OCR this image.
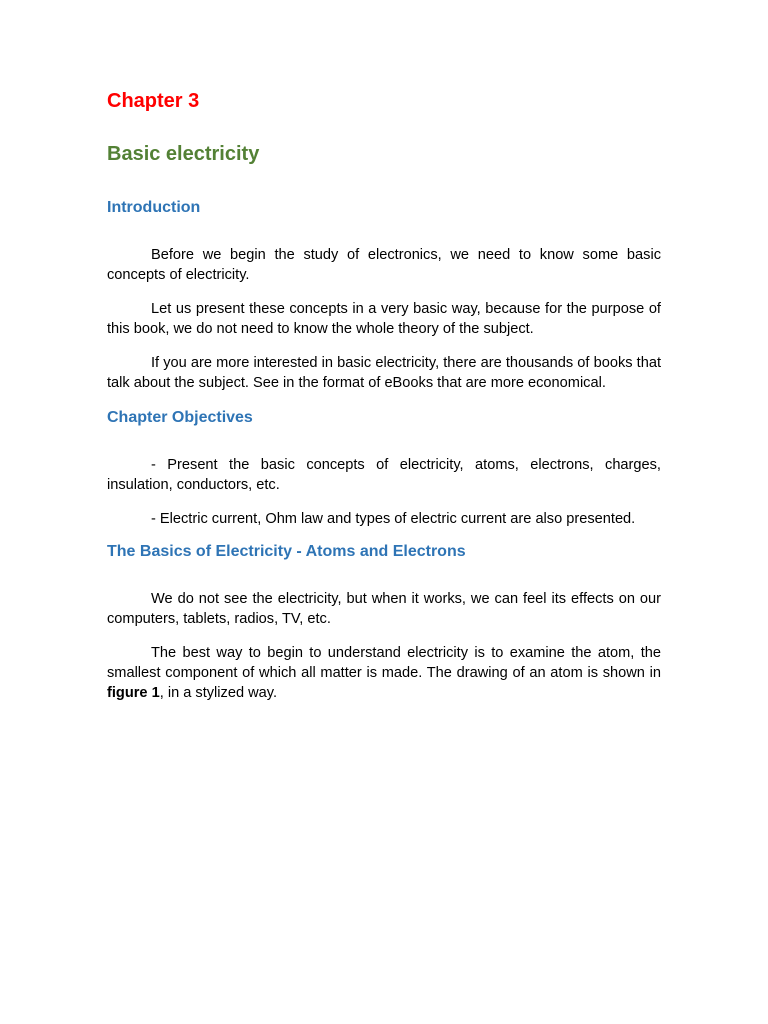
Chapter 3
Basic electricity
Introduction

Before we begin the study of electronics, we need to know some basic concepts of electricity.

Let us present these concepts in a very basic way, because for the purpose of this book, we do not need to know the whole theory of the subject.

If you are more interested in basic electricity, there are thousands of books that talk about the subject. See in the format of eBooks that are more economical.

Chapter Objectives

- Present the basic concepts of electricity, atoms, electrons, charges, insulation, conductors, etc.

- Electric current, Ohm law and types of electric current are also presented.

The Basics of Electricity - Atoms and Electrons

We do not see the electricity, but when it works, we can feel its effects on our computers, tablets, radios, TV, etc.

The best way to begin to understand electricity is to examine the atom, the smallest component of which all matter is made. The drawing of an atom is shown in figure 1, in a stylized way.
